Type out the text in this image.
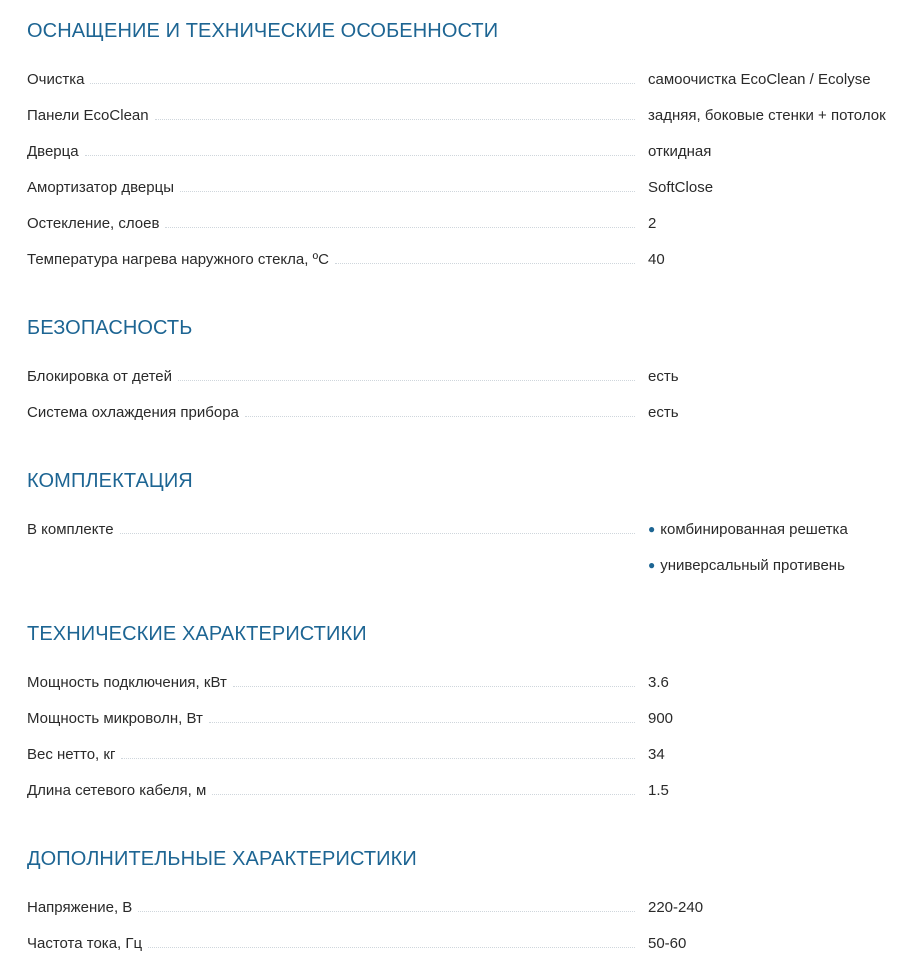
ОСНАЩЕНИЕ И ТЕХНИЧЕСКИЕ ОСОБЕННОСТИ
Очистка	самоочистка EcoClean / Ecolyse
Панели EcoClean	задняя, боковые стенки + потолок
Дверца	откидная
Амортизатор дверцы	SoftClose
Остекление, слоев	2
Температура нагрева наружного стекла, ºС	40
БЕЗОПАСНОСТЬ
Блокировка от детей	есть
Система охлаждения прибора	есть
КОМПЛЕКТАЦИЯ
В комплекте	● комбинированная решетка
● универсальный противень
ТЕХНИЧЕСКИЕ ХАРАКТЕРИСТИКИ
Мощность подключения, кВт	3.6
Мощность микроволн, Вт	900
Вес нетто, кг	34
Длина сетевого кабеля, м	1.5
ДОПОЛНИТЕЛЬНЫЕ ХАРАКТЕРИСТИКИ
Напряжение, В	220-240
Частота тока, Гц	50-60
